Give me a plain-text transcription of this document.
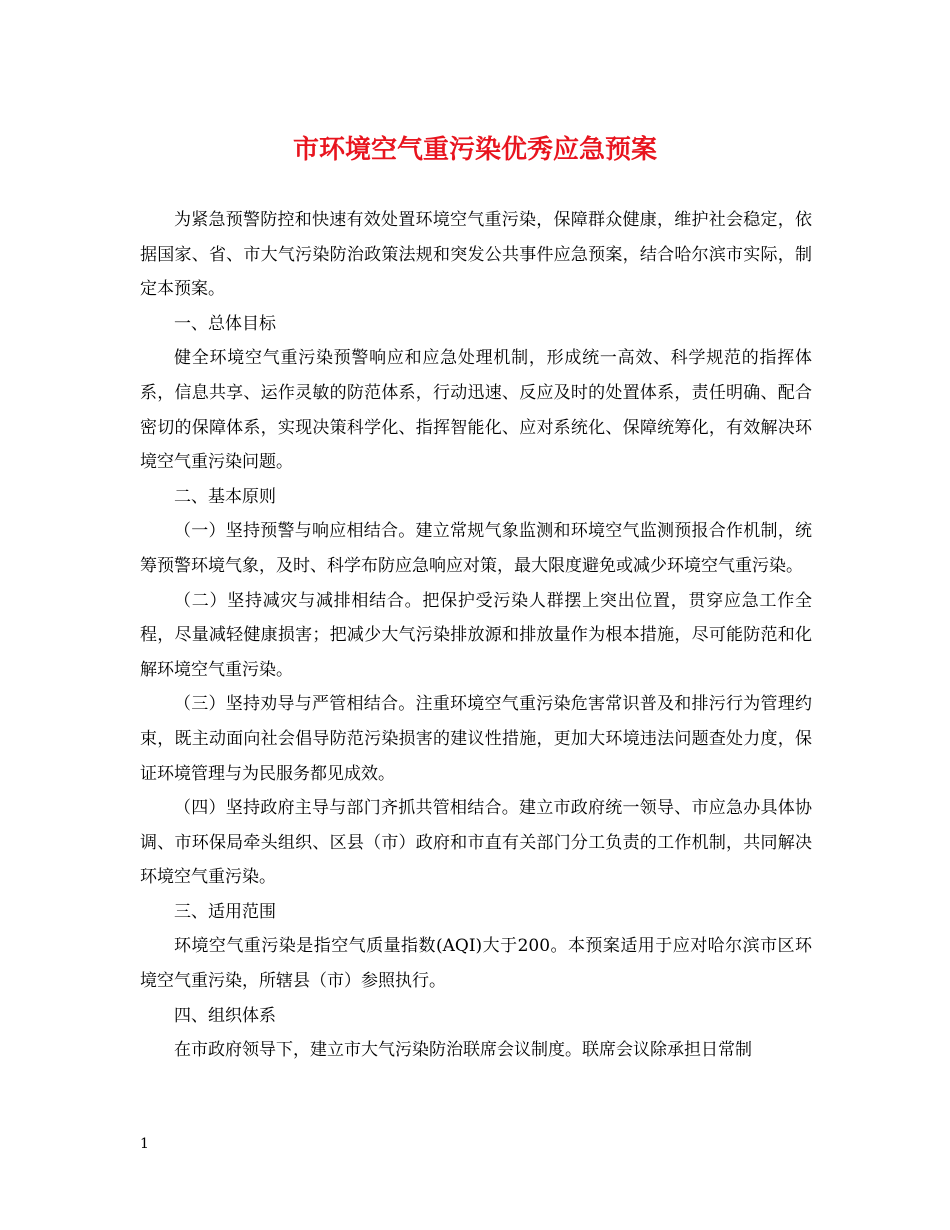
市环境空气重污染优秀应急预案

为紧急预警防控和快速有效处置环境空气重污染，保障群众健康，维护社会稳定，依据国家、省、市大气污染防治政策法规和突发公共事件应急预案，结合哈尔滨市实际，制定本预案。

一、总体目标

健全环境空气重污染预警响应和应急处理机制，形成统一高效、科学规范的指挥体系，信息共享、运作灵敏的防范体系，行动迅速、反应及时的处置体系，责任明确、配合密切的保障体系，实现决策科学化、指挥智能化、应对系统化、保障统筹化，有效解决环境空气重污染问题。

二、基本原则

（一）坚持预警与响应相结合。建立常规气象监测和环境空气监测预报合作机制，统筹预警环境气象，及时、科学布防应急响应对策，最大限度避免或减少环境空气重污染。

（二）坚持减灾与减排相结合。把保护受污染人群摆上突出位置，贯穿应急工作全程，尽量减轻健康损害；把减少大气污染排放源和排放量作为根本措施，尽可能防范和化解环境空气重污染。

（三）坚持劝导与严管相结合。注重环境空气重污染危害常识普及和排污行为管理约束，既主动面向社会倡导防范污染损害的建议性措施，更加大环境违法问题查处力度，保证环境管理与为民服务都见成效。

（四）坚持政府主导与部门齐抓共管相结合。建立市政府统一领导、市应急办具体协调、市环保局牵头组织、区县（市）政府和市直有关部门分工负责的工作机制，共同解决环境空气重污染。

三、适用范围

环境空气重污染是指空气质量指数(AQI)大于200。本预案适用于应对哈尔滨市区环境空气重污染，所辖县（市）参照执行。

四、组织体系

在市政府领导下，建立市大气污染防治联席会议制度。联席会议除承担日常制

1
